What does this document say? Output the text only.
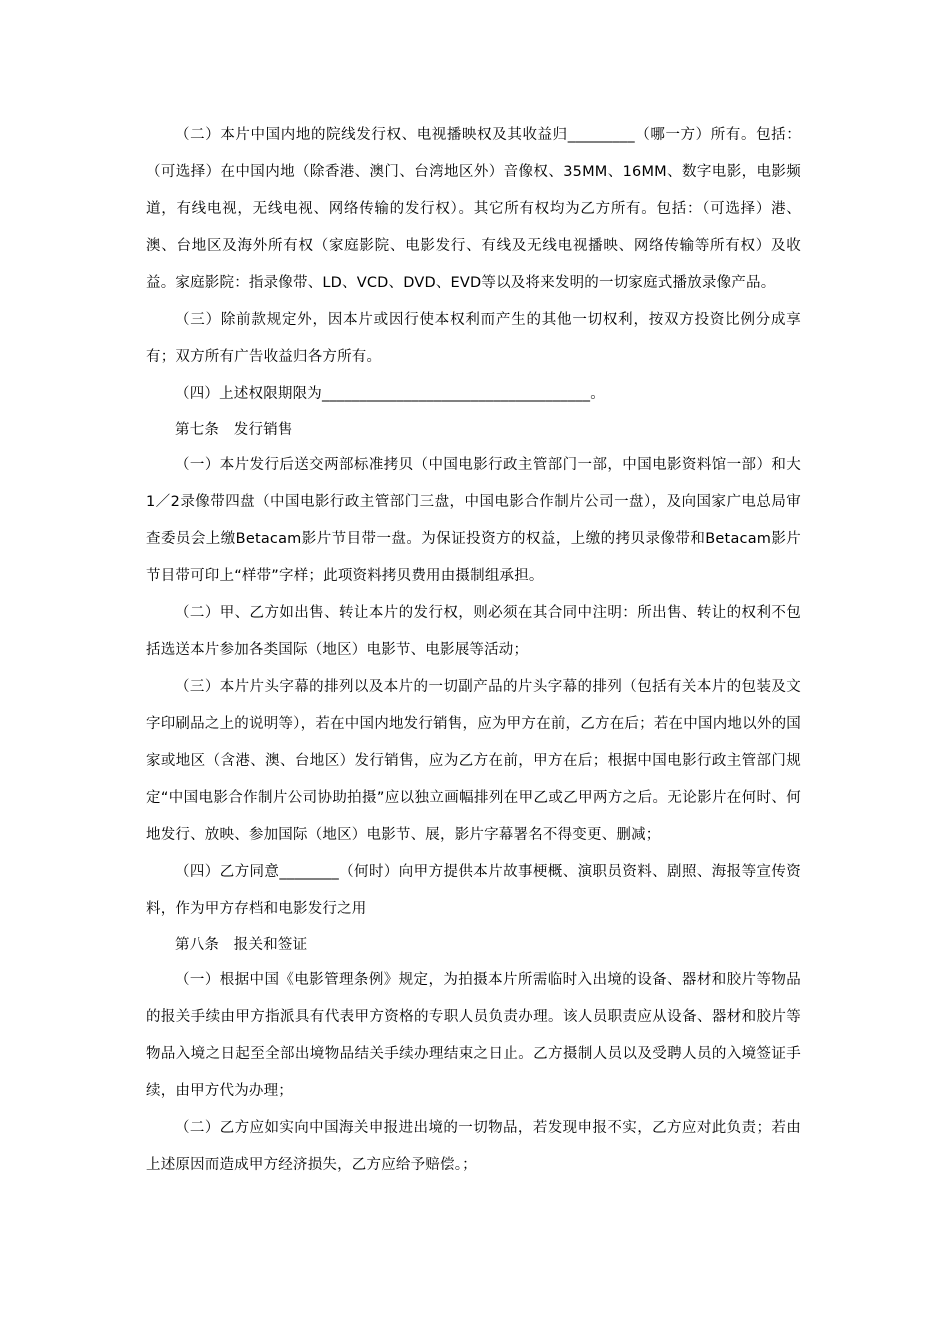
（二）本片中国内地的院线发行权、电视播映权及其收益归_________（哪一方）所有。包括：（可选择）在中国内地（除香港、澳门、台湾地区外）音像权、35MM、16MM、数字电影，电影频道，有线电视，无线电视、网络传输的发行权）。其它所有权均为乙方所有。包括：（可选择）港、澳、台地区及海外所有权（家庭影院、电影发行、有线及无线电视播映、网络传输等所有权）及收益。家庭影院：指录像带、LD、VCD、DVD、EVD等以及将来发明的一切家庭式播放录像产品。

（三）除前款规定外，因本片或因行使本权利而产生的其他一切权利，按双方投资比例分成享有；双方所有广告收益归各方所有。

（四）上述权限期限为____________________________________。

第七条　发行销售

（一）本片发行后送交两部标准拷贝（中国电影行政主管部门一部，中国电影资料馆一部）和大1／2录像带四盘（中国电影行政主管部门三盘，中国电影合作制片公司一盘），及向国家广电总局审查委员会上缴Betacam影片节目带一盘。为保证投资方的权益，上缴的拷贝录像带和Betacam影片节目带可印上“样带”字样；此项资料拷贝费用由摄制组承担。

（二）甲、乙方如出售、转让本片的发行权，则必须在其合同中注明：所出售、转让的权利不包括选送本片参加各类国际（地区）电影节、电影展等活动；

（三）本片片头字幕的排列以及本片的一切副产品的片头字幕的排列（包括有关本片的包装及文字印刷品之上的说明等），若在中国内地发行销售，应为甲方在前，乙方在后；若在中国内地以外的国家或地区（含港、澳、台地区）发行销售，应为乙方在前，甲方在后；根据中国电影行政主管部门规定“中国电影合作制片公司协助拍摄”应以独立画幅排列在甲乙或乙甲两方之后。无论影片在何时、何地发行、放映、参加国际（地区）电影节、展，影片字幕署名不得变更、删减；

（四）乙方同意________（何时）向甲方提供本片故事梗概、演职员资料、剧照、海报等宣传资料，作为甲方存档和电影发行之用

第八条　报关和签证

（一）根据中国《电影管理条例》规定，为拍摄本片所需临时入出境的设备、器材和胶片等物品的报关手续由甲方指派具有代表甲方资格的专职人员负责办理。该人员职责应从设备、器材和胶片等物品入境之日起至全部出境物品结关手续办理结束之日止。乙方摄制人员以及受聘人员的入境签证手续，由甲方代为办理；

（二）乙方应如实向中国海关申报进出境的一切物品，若发现申报不实，乙方应对此负责；若由上述原因而造成甲方经济损失，乙方应给予赔偿。；
